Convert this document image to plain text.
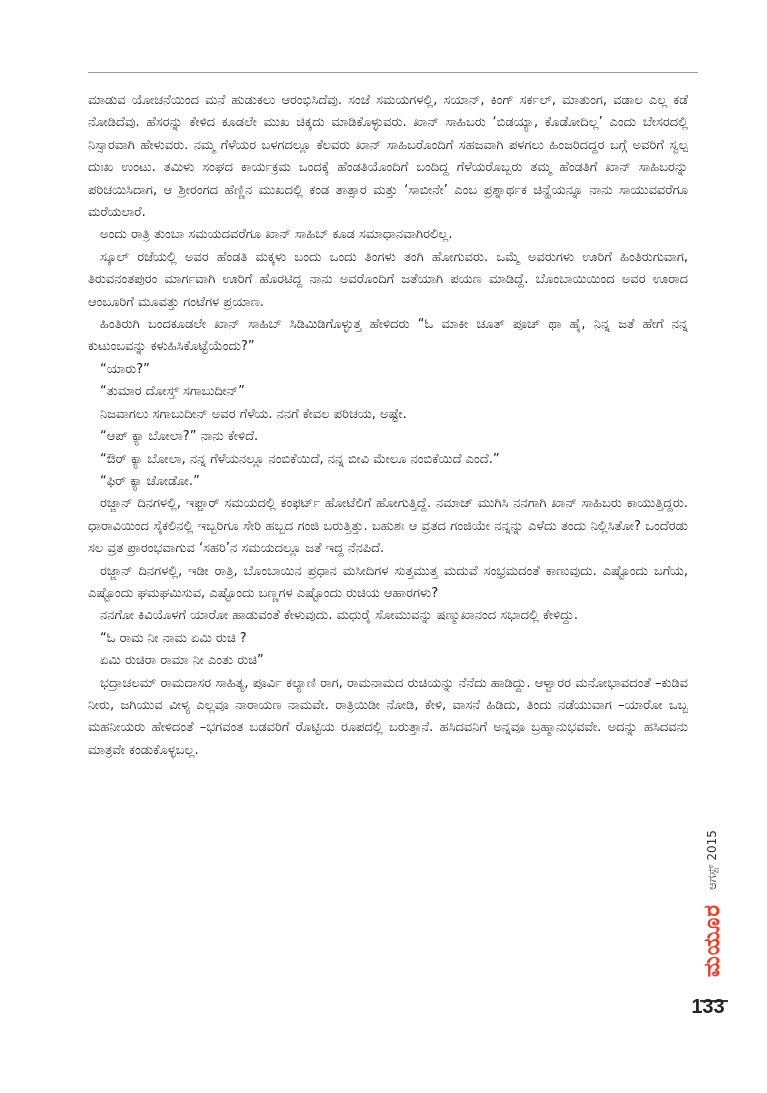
ಮಾಡುವ ಯೋಚನೆಯಿಂದ ಮನೆ ಹುಡುಕಲು ಆರಂಭಿಸಿದೆವು. ಸಂಜೆ ಸಮಯಗಳಲ್ಲಿ, ಸಯಾನ್, ಕಿಂಗ್ ಸರ್ಕಲ್, ಮಾತುಂಗ, ವಡಾಲ ಎಲ್ಲ ಕಡೆ ನೋಡಿದೆವು. ಹೆಸರನ್ನು ಕೇಳಿದ ಕೂಡಲೇ ಮುಖ ಚಿಕ್ಕದು ಮಾಡಿಕೊಳ್ಳುವರು. ಖಾನ್ ಸಾಹಿಬರು ‘ಬಿಡಯ್ಯಾ, ಕೊಡೋದಿಲ್ಲ’ ಎಂದು ಬೇಸರದಲ್ಲಿ ನಿಸ್ಸಾರವಾಗಿ ಹೇಳುವರು. ನಮ್ಮ ಗೆಳೆಯರ ಬಳಗದಲ್ಲೂ ಕೆಲವರು ಖಾನ್ ಸಾಹಿಬರೊಂದಿಗೆ ಸಹಜವಾಗಿ ಪಳಗಲು ಹಿಂಜರಿದದ್ದರ ಬಗ್ಗೆ ಅವರಿಗೆ ಸ್ವಲ್ಪ ದುಃಖ ಉಂಟು. ತಮಿಳು ಸಂಘದ ಕಾರ್ಯಕ್ರಮ ಒಂದಕ್ಕೆ ಹೆಂಡತಿಯೊಂದಿಗೆ ಬಂದಿದ್ದ ಗೆಳೆಯರೊಬ್ಬರು ತಮ್ಮ ಹೆಂಡತಿಗೆ ಖಾನ್ ಸಾಹಿಬರನ್ನು ಪರಿಚಯಿಸಿದಾಗ, ಆ ಶ್ರೀರಂಗದ ಹೆಣ್ಣಿನ ಮುಖದಲ್ಲಿ ಕಂಡ ತಾತ್ಸಾರ ಮತ್ತು ‘ಸಾಬೀನೇ’ ಎಂಬ ಪ್ರಶ್ನಾರ್ಥಕ ಚಿನ್ಹೆಯನ್ನೂ ನಾನು ಸಾಯುವವರೆಗೂ ಮರೆಯಲಾರೆ.

ಅಂದು ರಾತ್ರಿ ತುಂಬಾ ಸಮಯದವರೆಗೂ ಖಾನ್ ಸಾಹಿಬ್ ಕೂಡ ಸಮಾಧಾನವಾಗಿರಲಿಲ್ಲ.

ಸ್ಕೂಲ್ ರಜೆಯಲ್ಲಿ ಅವರ ಹೆಂಡತಿ ಮಕ್ಕಳು ಬಂದು ಒಂದು ತಿಂಗಳು ತಂಗಿ ಹೋಗುವರು. ಒಮ್ಮೆ ಅವರುಗಳು ಊರಿಗೆ ಹಿಂತಿರುಗುವಾಗ, ತಿರುವನಂತಪುರಂ ಮಾರ್ಗವಾಗಿ ಊರಿಗೆ ಹೊರಟಿದ್ದ ನಾನು ಅವರೊಂದಿಗೆ ಜತೆಯಾಗಿ ಪಯಣ ಮಾಡಿದ್ದೆ. ಬೊಂಬಾಯಿಯಿಂದ ಅವರ ಊರಾದ ಆಂಬೂರಿಗೆ ಮೂವತ್ತು ಗಂಟೆಗಳ ಪ್ರಯಾಣ.

ಹಿಂತಿರುಗಿ ಬಂದಕೂಡಲೇ ಖಾನ್ ಸಾಹಿಬ್ ಸಿಡಿಮಿಡಿಗೊಳ್ಳುತ್ತ ಹೇಳಿದರು “ಓ ಮಾಕೀ ಚೂತ್ ಪೂಚ್ ಥಾ ಹೈ, ನಿನ್ನ ಜತೆ ಹೇಗೆ ನನ್ನ ಕುಟುಂಬವನ್ನು ಕಳುಹಿಸಿಕೊಟ್ಟೆಯೆಂದು?”

“ಯಾರು?”

“ತುಮಾರ ದೋಸ್ತ್ ಸಗಾಬುದೀನ್”

ನಿಜವಾಗಲು ಸಗಾಬುದೀನ್ ಅವರ ಗೆಳೆಯ. ನನಗೆ ಕೇವಲ ಪರಿಚಯ, ಅಷ್ಟೇ.

“ಆಪ್ ಕ್ಯಾ ಬೋಲಾ?” ನಾನು ಕೇಳಿದೆ.

“ಔರ್ ಕ್ಯಾ ಬೋಲಾ, ನನ್ನ ಗೆಳೆಯನಲ್ಲೂ ನಂಬಿಕೆಯಿದೆ, ನನ್ನ ಬೀವಿ ಮೇಲೂ ನಂಬಿಕೆಯಿದೆ ಎಂದೆ.”

“ಫಿರ್ ಕ್ಯಾ ಚೋಡೋ.”

ರಜ್ಜಾನ್ ದಿನಗಳಲ್ಲಿ, ಇಫ್ತಾರ್ ಸಮಯದಲ್ಲಿ ಕಂಫರ್ಟ್ ಹೋಟೆಲಿಗೆ ಹೋಗುತ್ತಿದ್ದೆ. ನಮಾಜ್ ಮುಗಿಸಿ ನನಗಾಗಿ ಖಾನ್ ಸಾಹಿಬರು ಕಾಯುತ್ತಿದ್ದರು. ಧಾರಾವಿಯಿಂದ ಸೈಕಲಿನಲ್ಲಿ ಇಬ್ಬರಿಗೂ ಸೇರಿ ಹಬ್ಬದ ಗಂಜಿ ಬರುತ್ತಿತ್ತು. ಬಹುಶಃ ಆ ವ್ರತದ ಗಂಜಿಯೇ ನನ್ನನ್ನು ಎಳೆದು ತಂದು ನಿಲ್ಲಿಸಿತೋ? ಒಂದೆರಡು ಸಲ ವ್ರತ ಪ್ರಾರಂಭವಾಗುವ ‘ಸಹರಿ’ನ ಸಮಯದಲ್ಲೂ ಜತೆ ಇದ್ದ ನೆನಪಿದೆ.

ರಜ್ಜಾನ್ ದಿನಗಳಲ್ಲಿ, ಇಡೀ ರಾತ್ರಿ, ಬೊಂಬಾಯಿನ ಪ್ರಧಾನ ಮಸೀದಿಗಳ ಸುತ್ತಮುತ್ತ ಮದುವೆ ಸಂಭ್ರಮದಂತೆ ಕಾಣುವುದು. ಎಷ್ಟೊಂದು ಬಗೆಯ, ಎಷ್ಟೊಂದು ಘಮಘಮಿಸುವ, ಎಷ್ಟೊಂದು ಬಣ್ಣಗಳ ಎಷ್ಟೊಂದು ರುಚಿಯ ಆಹಾರಗಳು?

ನನಗೋ ಕಿವಿಯೊಳಗೆ ಯಾರೋ ಹಾಡುವಂತೆ ಕೇಳುವುದು. ಮಧುರೈ ಸೋಮುವನ್ನು ಷಣ್ಮುಖಾನಂದ ಸಭಾದಲ್ಲಿ ಕೇಳಿದ್ದು.

“ಓ ರಾಮ ನೀ ನಾಮ ಏಮಿ ರುಚಿ ?

ಏಮಿ ರುಚಿರಾ ರಾಮಾ ನೀ ಎಂತು ರುಚಿ”

ಭದ್ರಾಚಲಮ್ ರಾಮದಾಸರ ಸಾಹಿತ್ಯ, ಪೂರ್ವಿ ಕಲ್ಯಾಣಿ ರಾಗ, ರಾಮನಾಮದ ರುಚಿಯನ್ನು ನೆನೆದು ಹಾಡಿದ್ದು. ಆಳ್ವಾರರ ಮನೋಭಾವದಂತೆ –ಕುಡಿವ ನೀರು, ಜಗಿಯುವ ವೀಳ್ಯ ಎಲ್ಲವೂ ನಾರಾಯಣ ನಾಮವೇ. ರಾತ್ರಿಯಿಡೀ ನೋಡಿ, ಕೇಳಿ, ವಾಸನೆ ಹಿಡಿದು, ತಿಂದು ನಡೆಯುವಾಗ –ಯಾರೋ ಒಬ್ಬ ಮಹನೀಯರು ಹೇಳಿದಂತೆ –ಭಗವಂತ ಬಡವರಿಗೆ ರೊಟ್ಟಿಯ ರೂಪದಲ್ಲಿ ಬರುತ್ತಾನೆ. ಹಸಿದವನಿಗೆ ಅನ್ನವೂ ಬ್ರಹ್ಮಾನುಭವವೇ. ಅದನ್ನು ಹಸಿದವನು ಮಾತ್ರವೇ ಕಂಡುಕೊಳ್ಳಬಲ್ಲ.

ಆಗಸ್ಟ್ 2015
ಮಯೂರ
133
